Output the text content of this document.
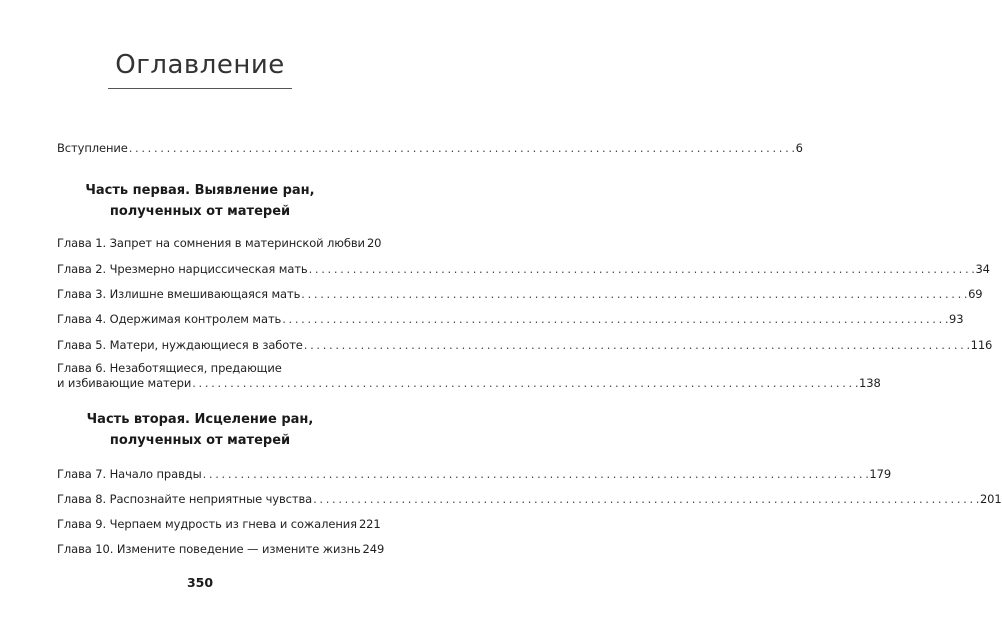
Оглавление
Вступление . . .	6
Часть первая. Выявление ран,
полученных от матерей
Глава 1. Запрет на сомнения в материнской любви 20
Глава 2. Чрезмерно нарциссическая мать . . .	34
Глава 3. Излишне вмешивающаяся мать . . .	69
Глава 4. Одержимая контролем мать . . .	93
Глава 5. Матери, нуждающиеся в заботе . . .	116
Глава 6. Незаботящиеся, предающие
и избивающие матери . . .	138
Часть вторая. Исцеление ран,
полученных от матерей
Глава 7. Начало правды . . .	179
Глава 8. Распознайте неприятные чувства . . .	201
Глава 9. Черпаем мудрость из гнева и сожаления 221
Глава 10. Измените поведение — измените жизнь 249
350
